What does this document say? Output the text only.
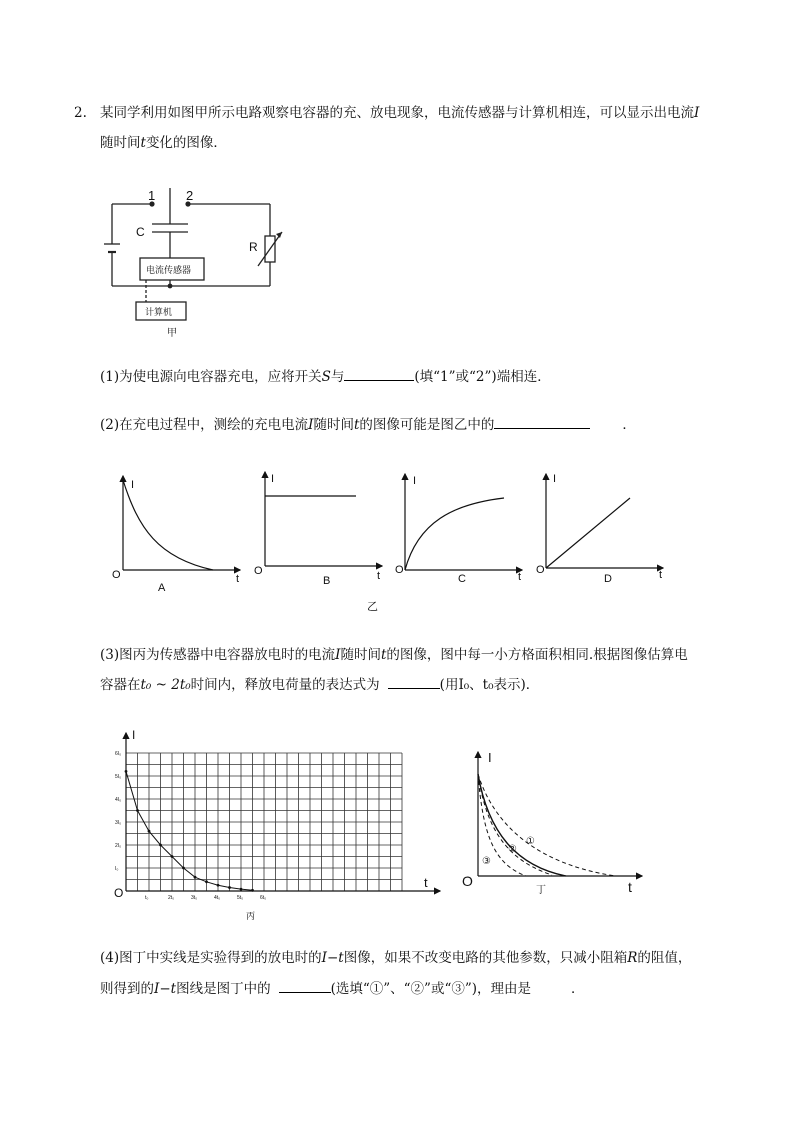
2. 某同学利用如图甲所示电路观察电容器的充、放电现象，电流传感器与计算机相连，可以显示出电流I
随时间t变化的图像．
1 2
C
R
电流传感器
计算机
甲
(1)为使电源向电容器充电，应将开关S与	(填“1”或“2”)端相连．
(2)在充电过程中，测绘的充电电流I随时间t的图像可能是图乙中的	．
I
O	t
A
I
O	t
B
I
O
t
C
I
O	t
D
乙
(3)图丙为传感器中电容器放电时的电流I随时间t的图像，图中每一小方格面积相同.根据图像估算电
容器在t₀ ~ 2t₀时间内，释放电荷量的表达式为	(用I₀、t₀表示)．
6I₀
5I₀
4I₀
3I₀
2I₀
I₀
t₀	2t₀	3t₀	4t₀	5t₀	6t₀
I
O
t
丙
①
②
③
I
O	t
丁
(4)图丁中实线是实验得到的放电时的I−t图像，如果不改变电路的其他参数，只减小阻箱R的阻值，
则得到的I−t图线是图丁中的	(选填“①”、“②”或“③”)，理由是	．
